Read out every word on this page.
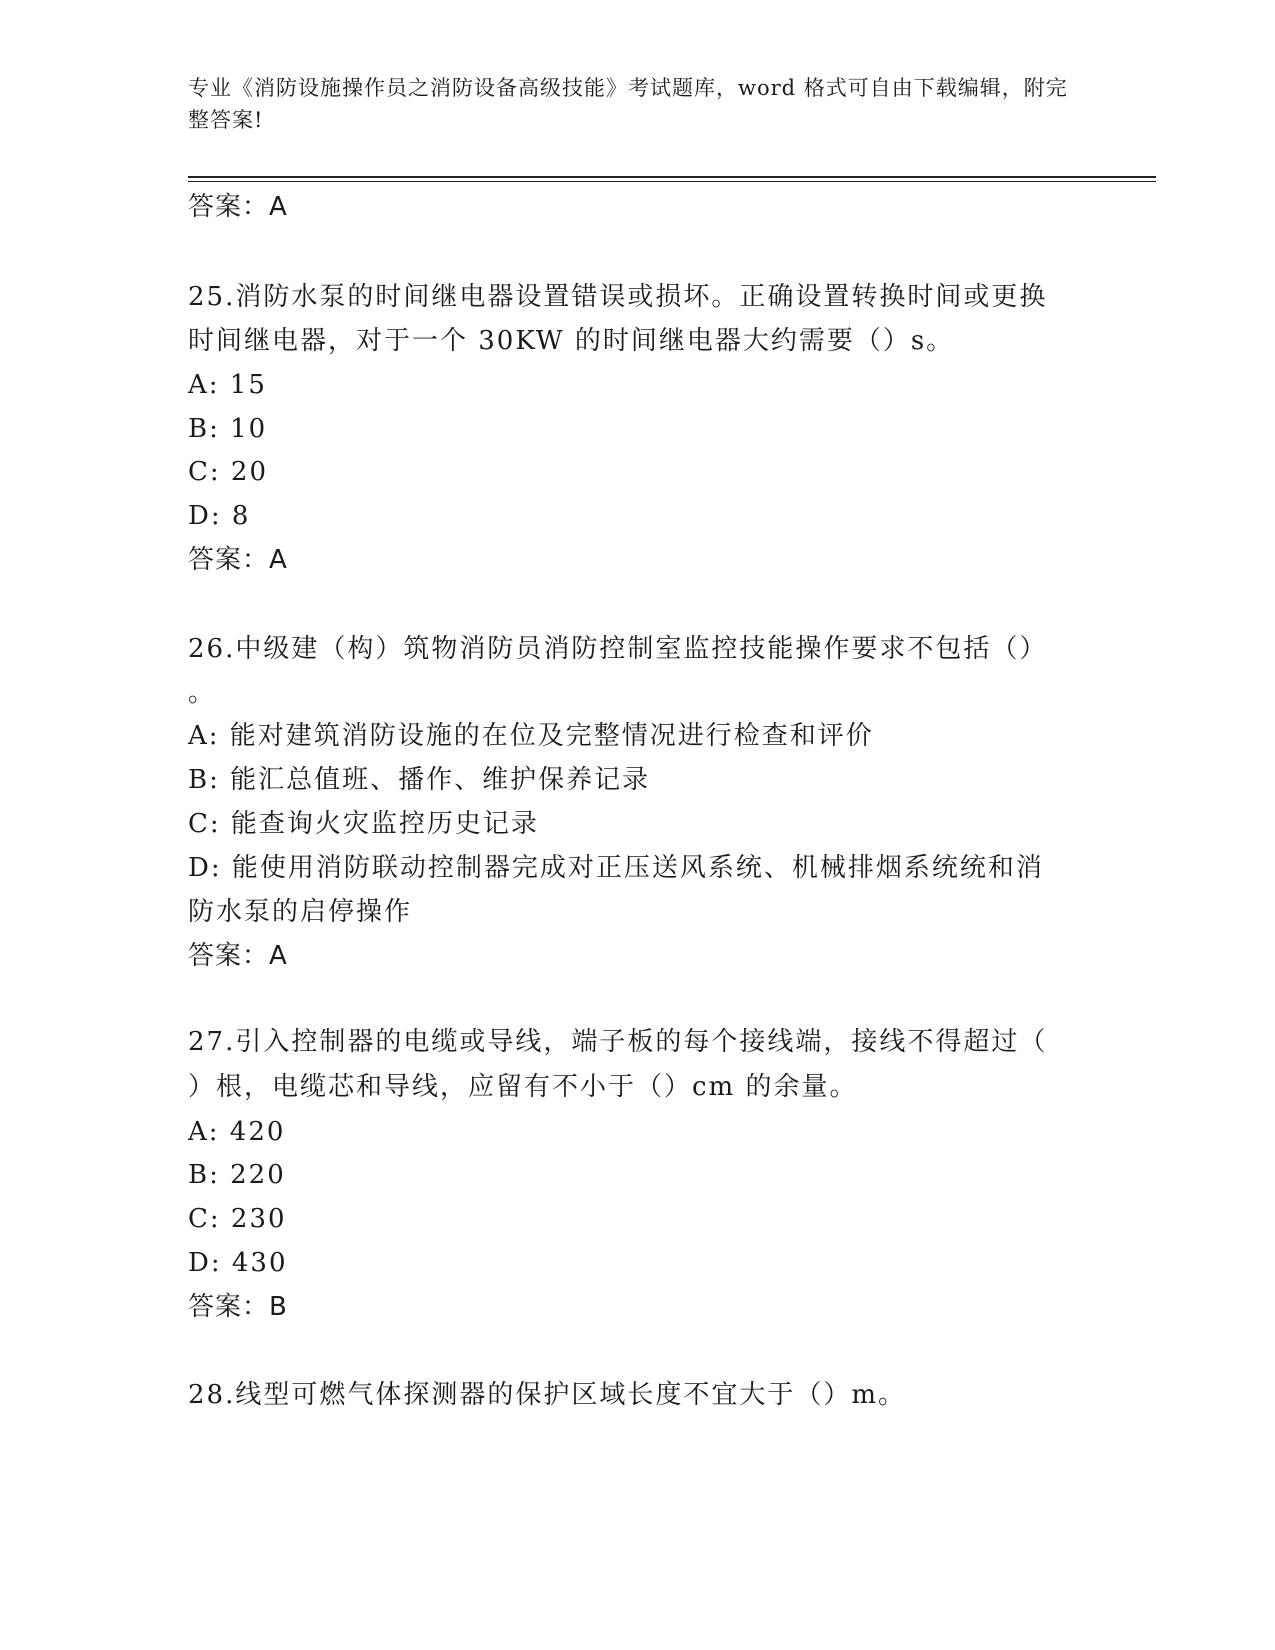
专业《消防设施操作员之消防设备高级技能》考试题库，word 格式可自由下载编辑，附完整答案!
答案：A
25.消防水泵的时间继电器设置错误或损坏。正确设置转换时间或更换
时间继电器，对于一个 30KW 的时间继电器大约需要（）s。
A: 15
B: 10
C: 20
D: 8
答案：A
26.中级建（构）筑物消防员消防控制室监控技能操作要求不包括（）
。
A: 能对建筑消防设施的在位及完整情况进行检查和评价
B: 能汇总值班、播作、维护保养记录
C: 能查询火灾监控历史记录
D: 能使用消防联动控制器完成对正压送风系统、机械排烟系统统和消
防水泵的启停操作
答案：A
27.引入控制器的电缆或导线，端子板的每个接线端，接线不得超过（
）根，电缆芯和导线，应留有不小于（）cm 的余量。
A: 420
B: 220
C: 230
D: 430
答案：B
28.线型可燃气体探测器的保护区域长度不宜大于（）m。
